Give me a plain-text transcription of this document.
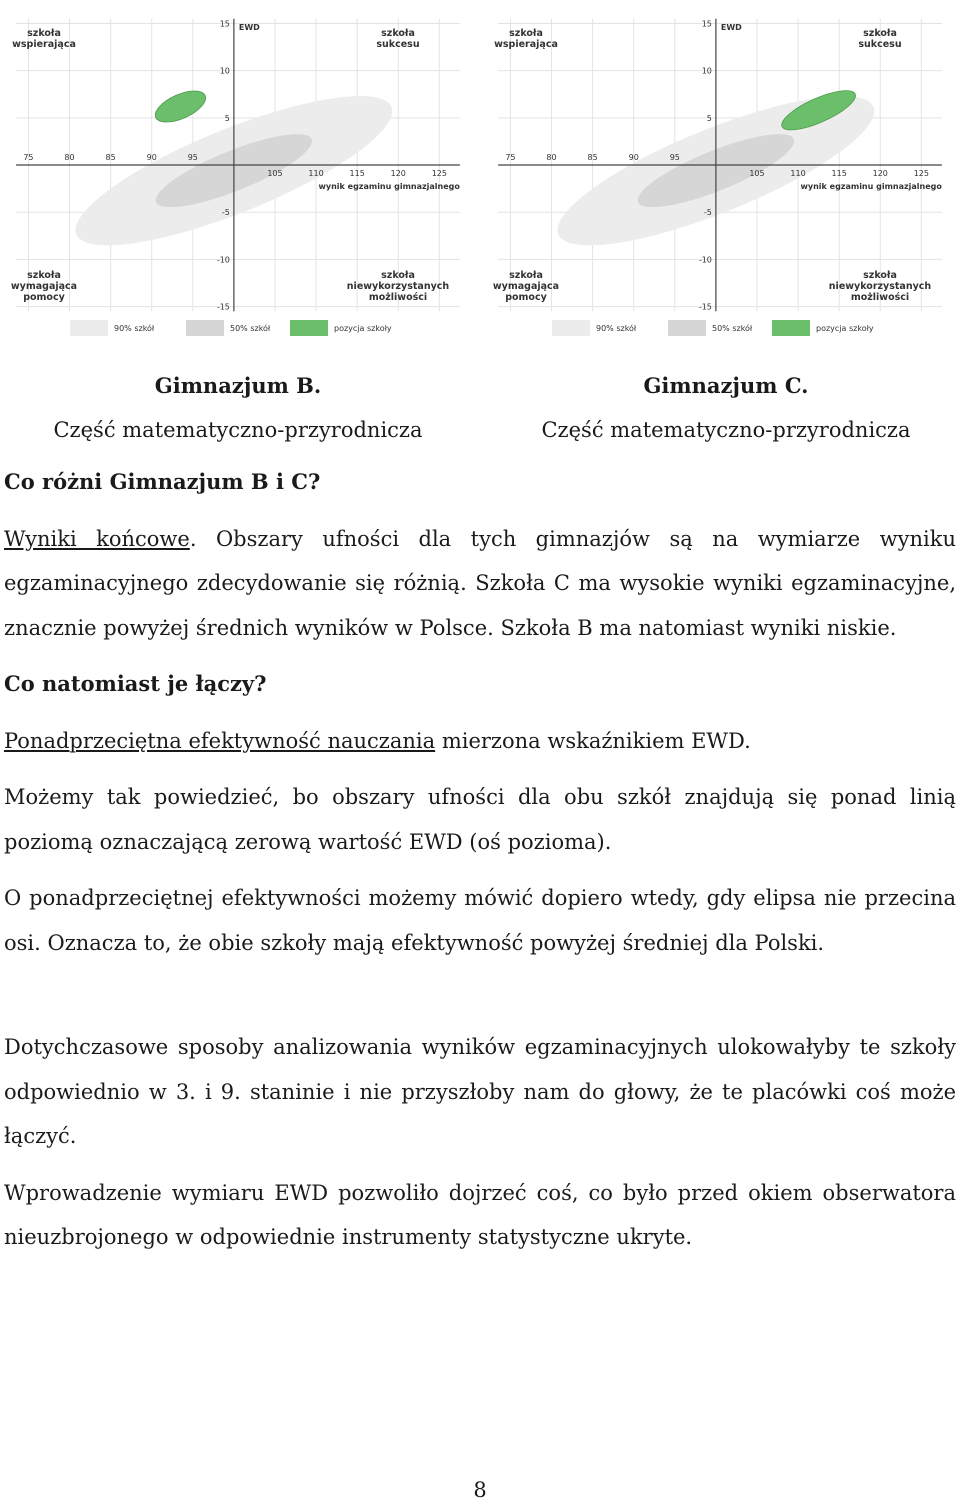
75	80	85	90	95
105	110	115	120	125
15
10
5
-5
-10
-15
EWD
wynik egzaminu gimnazjalnego
szkoła
wspierająca
szkoła
sukcesu
szkoła
wymagająca
pomocy
szkoła
niewykorzystanych
możliwości
90% szkół	50% szkół	pozycja szkoły
75	80	85	90	95
105	110	115	120	125
15
10
5
-5
-10
-15
EWD
wynik egzaminu gimnazjalnego
szkoła
wspierająca
szkoła
sukcesu
szkoła
wymagająca
pomocy
szkoła
niewykorzystanych
możliwości
90% szkół	50% szkół	pozycja szkoły
Gimnazjum B.
Część matematyczno-przyrodnicza
Gimnazjum C.
Część matematyczno-przyrodnicza

Co różni Gimnazjum B i C?

Wyniki końcowe. Obszary ufności dla tych gimnazjów są na wymiarze wyniku egzaminacyjnego zdecydowanie się różnią. Szkoła C ma wysokie wyniki egzaminacyjne, znacznie powyżej średnich wyników w Polsce. Szkoła B ma natomiast wyniki niskie.

Co natomiast je łączy?

Ponadprzeciętna efektywność nauczania mierzona wskaźnikiem EWD.

Możemy tak powiedzieć, bo obszary ufności dla obu szkół znajdują się ponad linią poziomą oznaczającą zerową wartość EWD (oś pozioma).

O ponadprzeciętnej efektywności możemy mówić dopiero wtedy, gdy elipsa nie przecina osi. Oznacza to, że obie szkoły mają efektywność powyżej średniej dla Polski.

Dotychczasowe sposoby analizowania wyników egzaminacyjnych ulokowałyby te szkoły odpowiednio w 3. i 9. staninie i nie przyszłoby nam do głowy, że te placówki coś może łączyć.

Wprowadzenie wymiaru EWD pozwoliło dojrzeć coś, co było przed okiem obserwatora nieuzbrojonego w odpowiednie instrumenty statystyczne ukryte.

8
